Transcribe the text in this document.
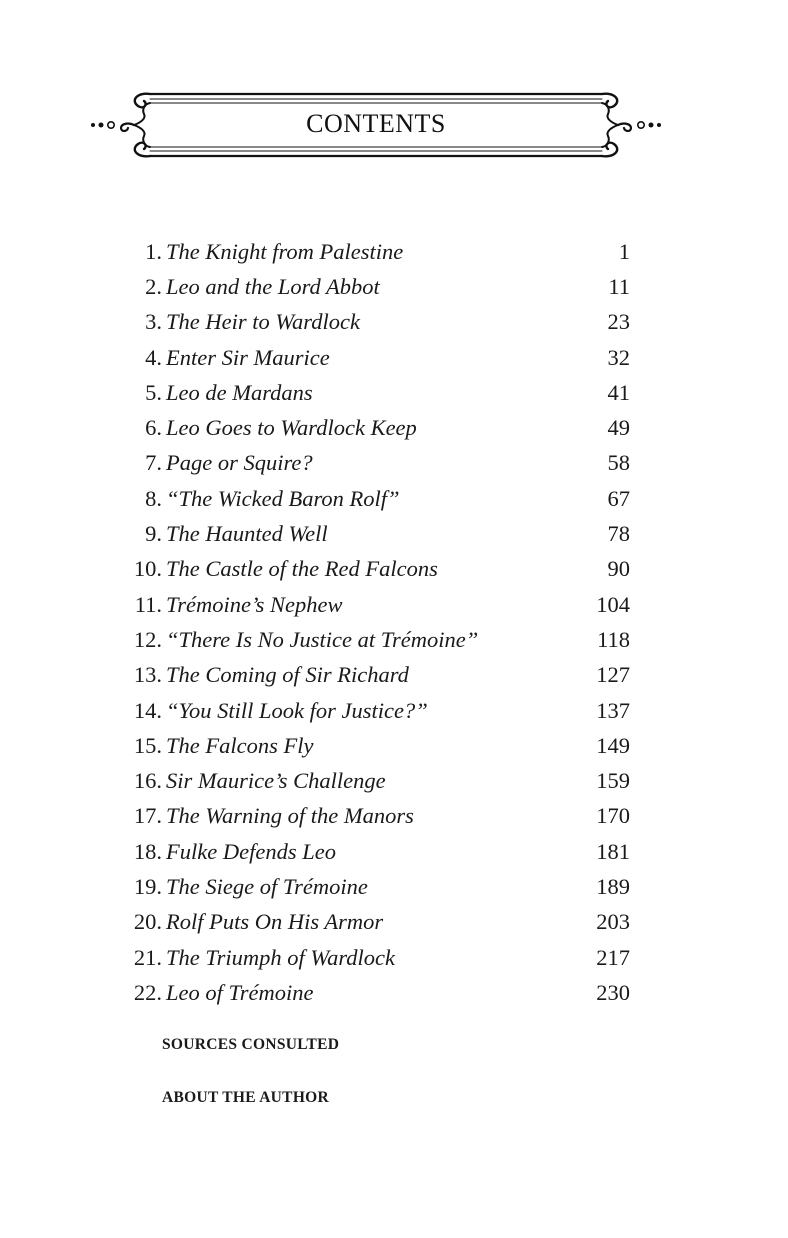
CONTENTS
1. The Knight from Palestine	1
2. Leo and the Lord Abbot	11
3. The Heir to Wardlock	23
4. Enter Sir Maurice	32
5. Leo de Mardans	41
6. Leo Goes to Wardlock Keep	49
7. Page or Squire?	58
8. “The Wicked Baron Rolf”	67
9. The Haunted Well	78
10. The Castle of the Red Falcons	90
11. Trémoine’s Nephew	104
12. “There Is No Justice at Trémoine”	118
13. The Coming of Sir Richard	127
14. “You Still Look for Justice?”	137
15. The Falcons Fly	149
16. Sir Maurice’s Challenge	159
17. The Warning of the Manors	170
18. Fulke Defends Leo	181
19. The Siege of Trémoine	189
20. Rolf Puts On His Armor	203
21. The Triumph of Wardlock	217
22. Leo of Trémoine	230
SOURCES CONSULTED
ABOUT THE AUTHOR
